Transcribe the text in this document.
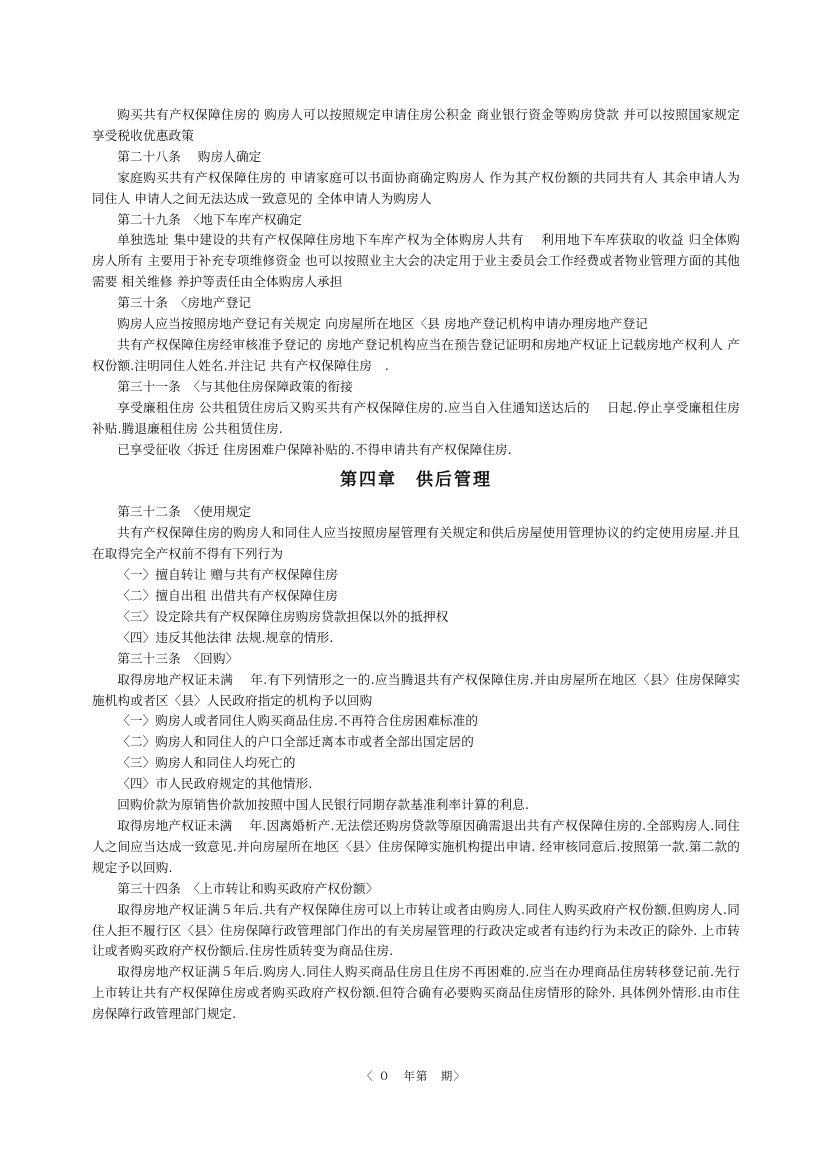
购买共有产权保障住房的 购房人可以按照规定申请住房公积金 商业银行资金等购房贷款 并可以按照国家规定 享受税收优惠政策

第二十八条　 购房人确定

家庭购买共有产权保障住房的 申请家庭可以书面协商确定购房人 作为其产权份额的共同共有人 其余申请人为同住人 申请人之间无法达成一致意见的 全体申请人为购房人

第二十九条　〈地下车库产权确定

单独选址 集中建设的共有产权保障住房地下车库产权为全体购房人共有　 利用地下车库获取的收益 归全体购房人所有 主要用于补充专项维修资金 也可以按照业主大会的决定用于业主委员会工作经费或者物业管理方面的其他需要 相关维修 养护等责任由全体购房人承担

第三十条　〈房地产登记

购房人应当按照房地产登记有关规定 向房屋所在地区〈县 房地产登记机构申请办理房地产登记

共有产权保障住房经审核准予登记的 房地产登记机构应当在预告登记证明和房地产权证上记载房地产权利人 产权份额.注明同住人姓名.并注记 共有产权保障住房　.

第三十一条　〈与其他住房保障政策的衔接

享受廉租住房 公共租赁住房后又购买共有产权保障住房的.应当自入住通知送达后的　 日起.停止享受廉租住房补贴.腾退廉租住房 公共租赁住房.

已享受征收〈拆迁 住房困难户保障补贴的.不得申请共有产权保障住房.

第四章　供后管理

第三十二条　〈使用规定

共有产权保障住房的购房人和同住人应当按照房屋管理有关规定和供后房屋使用管理协议的约定使用房屋.并且在取得完全产权前不得有下列行为

〈一〉擅自转让 赠与共有产权保障住房

〈二〉擅自出租 出借共有产权保障住房

〈三〉设定除共有产权保障住房购房贷款担保以外的抵押权

〈四〉违反其他法律 法规.规章的情形.

第三十三条　〈回购〉

取得房地产权证未满　 年.有下列情形之一的.应当腾退共有产权保障住房.并由房屋所在地区〈县〉住房保障实施机构或者区〈县〉人民政府指定的机构予以回购

〈一〉购房人或者同住人购买商品住房.不再符合住房困难标准的

〈二〉购房人和同住人的户口全部迁离本市或者全部出国定居的

〈三〉购房人和同住人均死亡的

〈四〉市人民政府规定的其他情形.

回购价款为原销售价款加按照中国人民银行同期存款基准利率计算的利息.

取得房地产权证未满　 年.因离婚析产.无法偿还购房贷款等原因确需退出共有产权保障住房的.全部购房人.同住人之间应当达成一致意见.并向房屋所在地区〈县〉住房保障实施机构提出申请. 经审核同意后.按照第一款.第二款的规定予以回购.

第三十四条　〈上市转让和购买政府产权份额〉

取得房地产权证满５年后.共有产权保障住房可以上市转让或者由购房人.同住人购买政府产权份额.但购房人.同住人拒不履行区〈县〉住房保障行政管理部门作出的有关房屋管理的行政决定或者有违约行为未改正的除外. 上市转让或者购买政府产权份额后.住房性质转变为商品住房.

取得房地产权证满５年后.购房人.同住人购买商品住房且住房不再困难的.应当在办理商品住房转移登记前.先行上市转让共有产权保障住房或者购买政府产权份额.但符合确有必要购买商品住房情形的除外. 具体例外情形.由市住房保障行政管理部门规定.

〈 ０　年第　期〉
